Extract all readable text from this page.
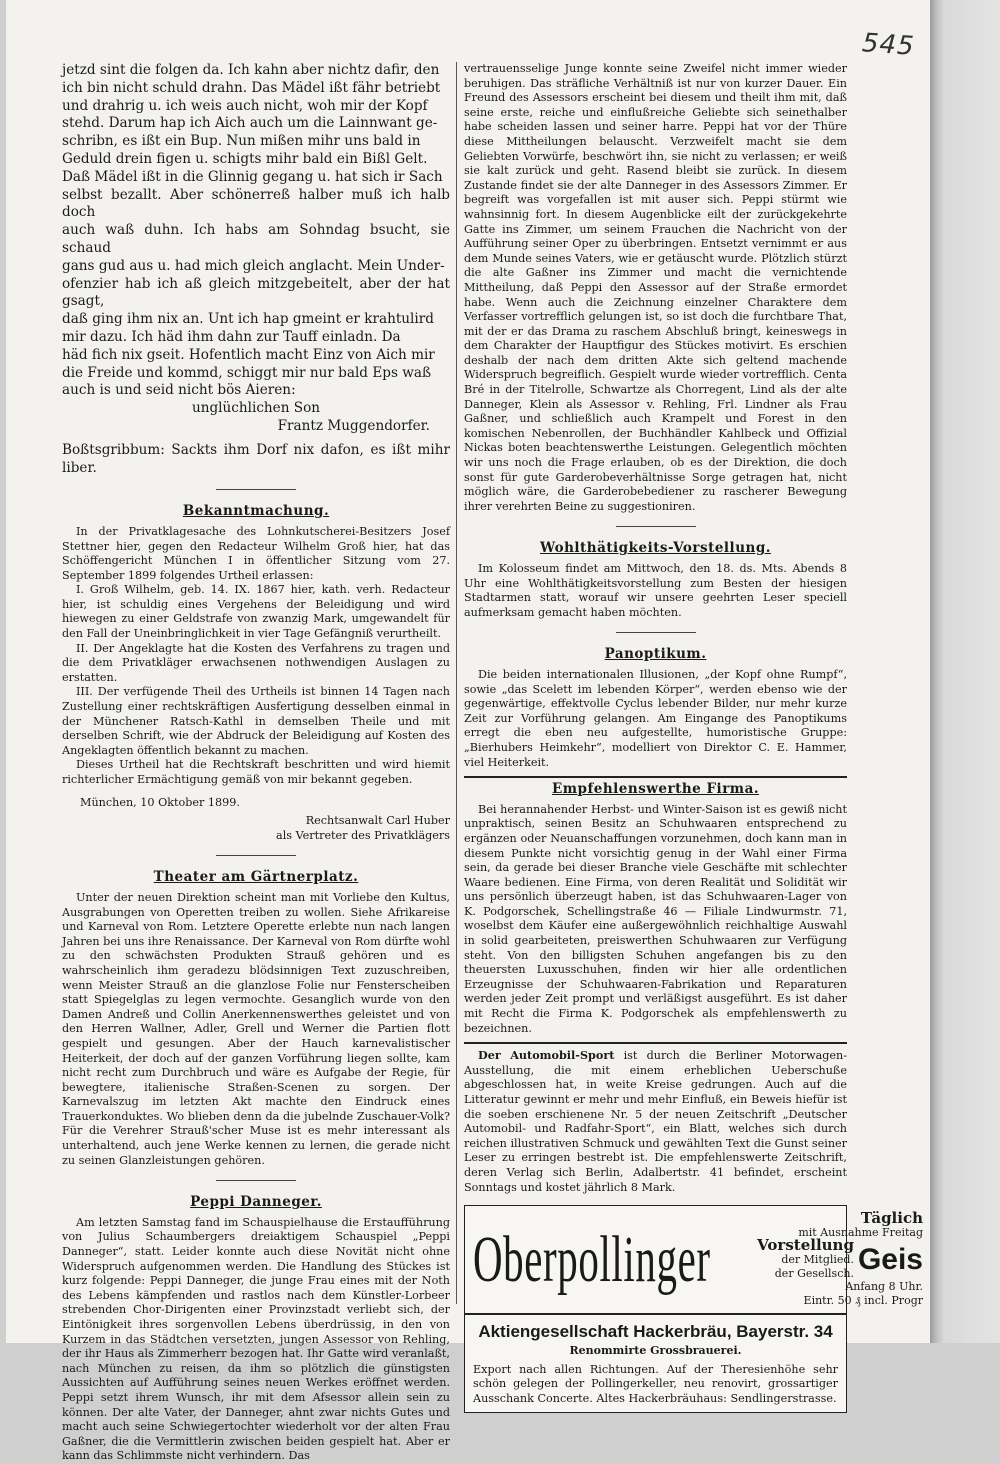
545

jetzd sint die folgen da. Ich kahn aber nichtz dafir, den

ich bin nicht schuld drahn. Das Mädel ißt fähr betriebt

und drahrig u. ich weis auch nicht, woh mir der Kopf

stehd. Darum hap ich Aich auch um die Lainnwant ge-

schribn, es ißt ein Bup. Nun mißen mihr uns bald in

Geduld drein figen u. schigts mihr bald ein Bißl Gelt.

Daß Mädel ißt in die Glinnig gegang u. hat sich ir Sach

selbst bezallt. Aber schönerreß halber muß ich halb doch

auch waß duhn. Ich habs am Sohndag bsucht, sie schaud

gans gud aus u. had mich gleich anglacht. Mein Under-

ofenzier hab ich aß gleich mitzgebeitelt, aber der hat gsagt,

daß ging ihm nix an. Unt ich hap gmeint er krahtulird

mir dazu. Ich häd ihm dahn zur Tauff einladn. Da

häd fich nix gseit. Hofentlich macht Einz von Aich mir

die Freide und kommd, schiggt mir nur bald Eps waß

auch is und seid nicht bös Aieren:

unglüchlichen Son

Frantz Muggendorfer.

Boßtsgribbum: Sackts ihm Dorf nix dafon, es ißt mihr liber.

Bekanntmachung.

In der Privatklagesache des Lohnkutscherei-Besitzers Josef Stettner hier, gegen den Redacteur Wilhelm Groß hier, hat das Schöffengericht München I in öffentlicher Sitzung vom 27. September 1899 folgendes Urtheil erlassen:

I. Groß Wilhelm, geb. 14. IX. 1867 hier, kath. verh. Redacteur hier, ist schuldig eines Vergehens der Beleidigung und wird hiewegen zu einer Geldstrafe von zwanzig Mark, umgewandelt für den Fall der Uneinbringlichkeit in vier Tage Gefängniß verurtheilt.

II. Der Angeklagte hat die Kosten des Verfahrens zu tragen und die dem Privatkläger erwachsenen nothwendigen Auslagen zu erstatten.

III. Der verfügende Theil des Urtheils ist binnen 14 Tagen nach Zustellung einer rechtskräftigen Ausfertigung desselben einmal in der Münchener Ratsch-Kathl in demselben Theile und mit derselben Schrift, wie der Abdruck der Beleidigung auf Kosten des Angeklagten öffentlich bekannt zu machen.

Dieses Urtheil hat die Rechtskraft beschritten und wird hiemit richterlicher Ermächtigung gemäß von mir bekannt gegeben.

München, 10 Oktober 1899.

Rechtsanwalt Carl Huber

als Vertreter des Privatklägers

Theater am Gärtnerplatz.

Unter der neuen Direktion scheint man mit Vorliebe den Kultus, Ausgrabungen von Operetten treiben zu wollen. Siehe Afrikareise und Karneval von Rom. Letztere Operette erlebte nun nach langen Jahren bei uns ihre Renaissance. Der Karneval von Rom dürfte wohl zu den schwächsten Produkten Strauß gehören und es wahrscheinlich ihm geradezu blödsinnigen Text zuzuschreiben, wenn Meister Strauß an die glanzlose Folie nur Fensterscheiben statt Spiegelglas zu legen vermochte. Gesanglich wurde von den Damen Andreß und Collin Anerkennenswerthes geleistet und von den Herren Wallner, Adler, Grell und Werner die Partien flott gespielt und gesungen. Aber der Hauch karnevalistischer Heiterkeit, der doch auf der ganzen Vorführung liegen sollte, kam nicht recht zum Durchbruch und wäre es Aufgabe der Regie, für bewegtere, italienische Straßen-Scenen zu sorgen. Der Karnevalszug im letzten Akt machte den Eindruck eines Trauerkonduktes. Wo blieben denn da die jubelnde Zuschauer-Volk? Für die Verehrer Strauß'scher Muse ist es mehr interessant als unterhaltend, auch jene Werke kennen zu lernen, die gerade nicht zu seinen Glanzleistungen gehören.

Peppi Danneger.

Am letzten Samstag fand im Schauspielhause die Erstaufführung von Julius Schaumbergers dreiaktigem Schauspiel „Peppi Danneger“, statt. Leider konnte auch diese Novität nicht ohne Widerspruch aufgenommen werden. Die Handlung des Stückes ist kurz folgende: Peppi Danneger, die junge Frau eines mit der Noth des Lebens kämpfenden und rastlos nach dem Künstler-Lorbeer strebenden Chor-Dirigenten einer Provinzstadt verliebt sich, der Eintönigkeit ihres sorgenvollen Lebens überdrüssig, in den von Kurzem in das Städtchen versetzten, jungen Assessor von Rehling, der ihr Haus als Zimmerherr bezogen hat. Ihr Gatte wird veranlaßt, nach München zu reisen, da ihm so plötzlich die günstigsten Aussichten auf Aufführung seines neuen Werkes eröffnet werden. Peppi setzt ihrem Wunsch, ihr mit dem Afsessor allein sein zu können. Der alte Vater, der Danneger, ahnt zwar nichts Gutes und macht auch seine Schwiegertochter wiederholt vor der alten Frau Gaßner, die die Vermittlerin zwischen beiden gespielt hat. Aber er kann das Schlimmste nicht verhindern. Das

vertrauensselige Junge konnte seine Zweifel nicht immer wieder beruhigen. Das sträfliche Verhältniß ist nur von kurzer Dauer. Ein Freund des Assessors erscheint bei diesem und theilt ihm mit, daß seine erste, reiche und einflußreiche Geliebte sich seinethalber habe scheiden lassen und seiner harre. Peppi hat vor der Thüre diese Mittheilungen belauscht. Verzweifelt macht sie dem Geliebten Vorwürfe, beschwört ihn, sie nicht zu verlassen; er weiß sie kalt zurück und geht. Rasend bleibt sie zurück. In diesem Zustande findet sie der alte Danneger in des Assessors Zimmer. Er begreift was vorgefallen ist mit auser sich. Peppi stürmt wie wahnsinnig fort. In diesem Augenblicke eilt der zurückgekehrte Gatte ins Zimmer, um seinem Frauchen die Nachricht von der Aufführung seiner Oper zu überbringen. Entsetzt vernimmt er aus dem Munde seines Vaters, wie er getäuscht wurde. Plötzlich stürzt die alte Gaßner ins Zimmer und macht die vernichtende Mittheilung, daß Peppi den Assessor auf der Straße ermordet habe. Wenn auch die Zeichnung einzelner Charaktere dem Verfasser vortrefflich gelungen ist, so ist doch die furchtbare That, mit der er das Drama zu raschem Abschluß bringt, keineswegs in dem Charakter der Hauptfigur des Stückes motivirt. Es erschien deshalb der nach dem dritten Akte sich geltend machende Widerspruch begreiflich. Gespielt wurde wieder vortrefflich. Centa Bré in der Titelrolle, Schwartze als Chorregent, Lind als der alte Danneger, Klein als Assessor v. Rehling, Frl. Lindner als Frau Gaßner, und schließlich auch Krampelt und Forest in den komischen Nebenrollen, der Buchhändler Kahlbeck und Offizial Nickas boten beachtenswerthe Leistungen. Gelegentlich möchten wir uns noch die Frage erlauben, ob es der Direktion, die doch sonst für gute Garderobeverhältnisse Sorge getragen hat, nicht möglich wäre, die Garderobebediener zu rascherer Bewegung ihrer verehrten Beine zu suggestioniren.

Wohlthätigkeits-Vorstellung.

Im Kolosseum findet am Mittwoch, den 18. ds. Mts. Abends 8 Uhr eine Wohlthätigkeitsvorstellung zum Besten der hiesigen Stadtarmen statt, worauf wir unsere geehrten Leser speciell aufmerksam gemacht haben möchten.

Panoptikum.

Die beiden internationalen Illusionen, „der Kopf ohne Rumpf“, sowie „das Scelett im lebenden Körper“, werden ebenso wie der gegenwärtige, effektvolle Cyclus lebender Bilder, nur mehr kurze Zeit zur Vorführung gelangen. Am Eingange des Panoptikums erregt die eben neu aufgestellte, humoristische Gruppe: „Bierhubers Heimkehr“, modelliert von Direktor C. E. Hammer, viel Heiterkeit.

Empfehlenswerthe Firma.

Bei herannahender Herbst- und Winter-Saison ist es gewiß nicht unpraktisch, seinen Besitz an Schuhwaaren entsprechend zu ergänzen oder Neuanschaffungen vorzunehmen, doch kann man in diesem Punkte nicht vorsichtig genug in der Wahl einer Firma sein, da gerade bei dieser Branche viele Geschäfte mit schlechter Waare bedienen. Eine Firma, von deren Realität und Solidität wir uns persönlich überzeugt haben, ist das Schuhwaaren-Lager von K. Podgorschek, Schellingstraße 46 — Filiale Lindwurmstr. 71, woselbst dem Käufer eine außergewöhnlich reichhaltige Auswahl in solid gearbeiteten, preiswerthen Schuhwaaren zur Verfügung steht. Von den billigsten Schuhen angefangen bis zu den theuersten Luxusschuhen, finden wir hier alle ordentlichen Erzeugnisse der Schuhwaaren-Fabrikation und Reparaturen werden jeder Zeit prompt und verläßigst ausgeführt. Es ist daher mit Recht die Firma K. Podgorschek als empfehlenswerth zu bezeichnen.

Der Automobil-Sport ist durch die Berliner Motorwagen-Ausstellung, die mit einem erheblichen Ueberschuße abgeschlossen hat, in weite Kreise gedrungen. Auch auf die Litteratur gewinnt er mehr und mehr Einfluß, ein Beweis hiefür ist die soeben erschienene Nr. 5 der neuen Zeitschrift „Deutscher Automobil- und Radfahr-Sport“, ein Blatt, welches sich durch reichen illustrativen Schmuck und gewählten Text die Gunst seiner Leser zu erringen bestrebt ist. Die empfehlenswerte Zeitschrift, deren Verlag sich Berlin, Adalbertstr. 41 befindet, erscheint Sonntags und kostet jährlich 8 Mark.

Oberpollinger
Täglich
mit Ausnahme Freitag
Vorstellung
der Mitglied.
der Gesellsch. Geis
Anfang 8 Uhr.
Eintr. 50 ₰ incl. Progr
Aktiengesellschaft Hackerbräu, Bayerstr. 34
Renommirte Grossbrauerei.
Export nach allen Richtungen. Auf der Theresienhöhe sehr schön gelegen der Pollingerkeller, neu renovirt, grossartiger Ausschank Concerte. Altes Hackerbräuhaus: Sendlingerstrasse.
